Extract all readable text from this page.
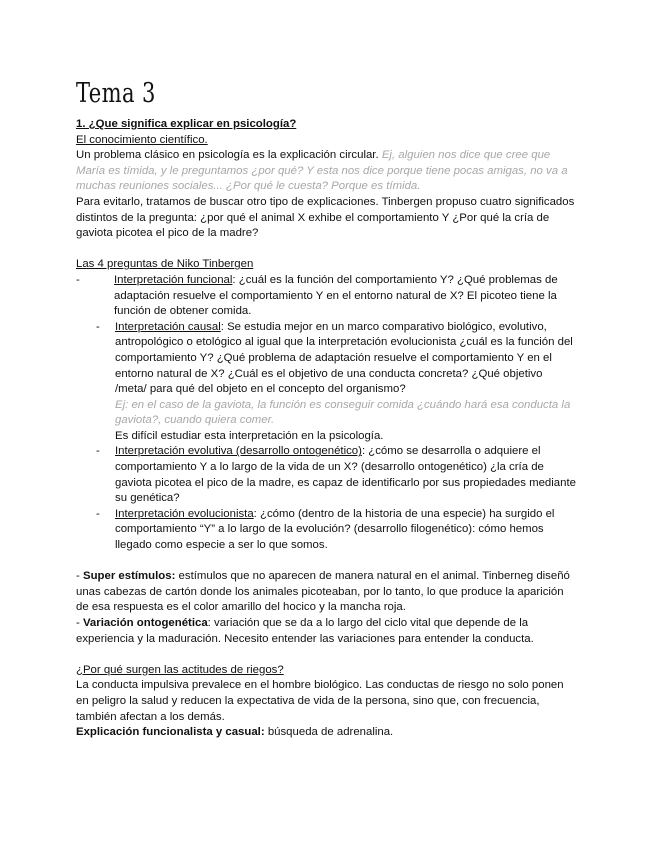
Tema 3

1. ¿Que significa explicar en psicología?

El conocimiento científico.

Un problema clásico en psicología es la explicación circular. Ej, alguien nos dice que cree que María es tímida, y le preguntamos ¿por qué? Y esta nos dice porque tiene pocas amigas, no va a muchas reuniones sociales... ¿Por qué le cuesta? Porque es tímida.

Para evitarlo, tratamos de buscar otro tipo de explicaciones. Tinbergen propuso cuatro significados distintos de la pregunta: ¿por qué el animal X exhibe el comportamiento Y ¿Por qué la cría de gaviota picotea el pico de la madre?

Las 4 preguntas de Niko Tinbergen

-	Interpretación funcional: ¿cuál es la función del comportamiento Y? ¿Qué problemas de adaptación resuelve el comportamiento Y en el entorno natural de X? El picoteo tiene la función de obtener comida.

- Interpretación causal: Se estudia mejor en un marco comparativo biológico, evolutivo, antropológico o etológico al igual que la interpretación evolucionista ¿cuál es la función del comportamiento Y? ¿Qué problema de adaptación resuelve el comportamiento Y en el entorno natural de X? ¿Cuál es el objetivo de una conducta concreta? ¿Qué objetivo /meta/ para qué del objeto en el concepto del organismo?

Ej: en el caso de la gaviota, la función es conseguir comida ¿cuándo hará esa conducta la gaviota?, cuando quiera comer.

Es difícil estudiar esta interpretación en la psicología.

- Interpretación evolutiva (desarrollo ontogenético): ¿cómo se desarrolla o adquiere el comportamiento Y a lo largo de la vida de un X? (desarrollo ontogenético) ¿la cría de gaviota picotea el pico de la madre, es capaz de identificarlo por sus propiedades mediante su genética?

- Interpretación evolucionista: ¿cómo (dentro de la historia de una especie) ha surgido el comportamiento “Y” a lo largo de la evolución? (desarrollo filogenético): cómo hemos llegado como especie a ser lo que somos.

- Super estímulos: estímulos que no aparecen de manera natural en el animal. Tinberneg diseñó unas cabezas de cartón donde los animales picoteaban, por lo tanto, lo que produce la aparición de esa respuesta es el color amarillo del hocico y la mancha roja.

- Variación ontogenética: variación que se da a lo largo del ciclo vital que depende de la experiencia y la maduración. Necesito entender las variaciones para entender la conducta.

¿Por qué surgen las actitudes de riegos?

La conducta impulsiva prevalece en el hombre biológico. Las conductas de riesgo no solo ponen en peligro la salud y reducen la expectativa de vida de la persona, sino que, con frecuencia, también afectan a los demás.

Explicación funcionalista y casual: búsqueda de adrenalina.
